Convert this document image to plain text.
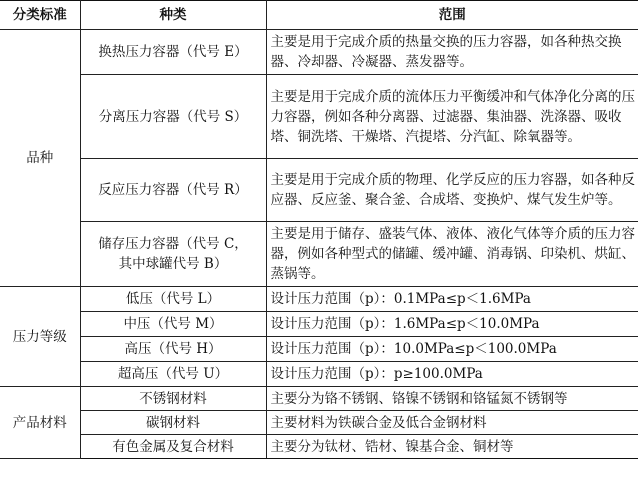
分类标准	种类	范围
品种	换热压力容器（代号 E）	主要是用于完成介质的热量交换的压力容器，如各种热交换器、冷却器、冷凝器、蒸发器等。

	分离压力容器（代号 S）	主要是用于完成介质的流体压力平衡缓冲和气体净化分离的压力容器，例如各种分离器、过滤器、集油器、洗涤器、吸收塔、铜洗塔、干燥塔、汽提塔、分汽缸、除氧器等。

	反应压力容器（代号 R）	主要是用于完成介质的物理、化学反应的压力容器，如各种反应器、反应釜、聚合釜、合成塔、变换炉、煤气发生炉等。

	储存压力容器（代号 C，
其中球罐代号 B）	主要是用于储存、盛装气体、液体、液化气体等介质的压力容器，例如各种型式的储罐、缓冲罐、消毒锅、印染机、烘缸、蒸锅等。
压力等级	低压（代号 L）	设计压力范围（p）：0.1MPa≤p＜1.6MPa
	中压（代号 M）	设计压力范围（p）：1.6MPa≤p＜10.0MPa
	高压（代号 H）	设计压力范围（p）：10.0MPa≤p＜100.0MPa
	超高压（代号 U）	设计压力范围（p）：p≥100.0MPa
产品材料	不锈钢材料	主要分为铬不锈钢、铬镍不锈钢和铬锰氮不锈钢等
	碳钢材料	主要材料为铁碳合金及低合金钢材料
	有色金属及复合材料	主要分为钛材、锆材、镍基合金、铜材等
